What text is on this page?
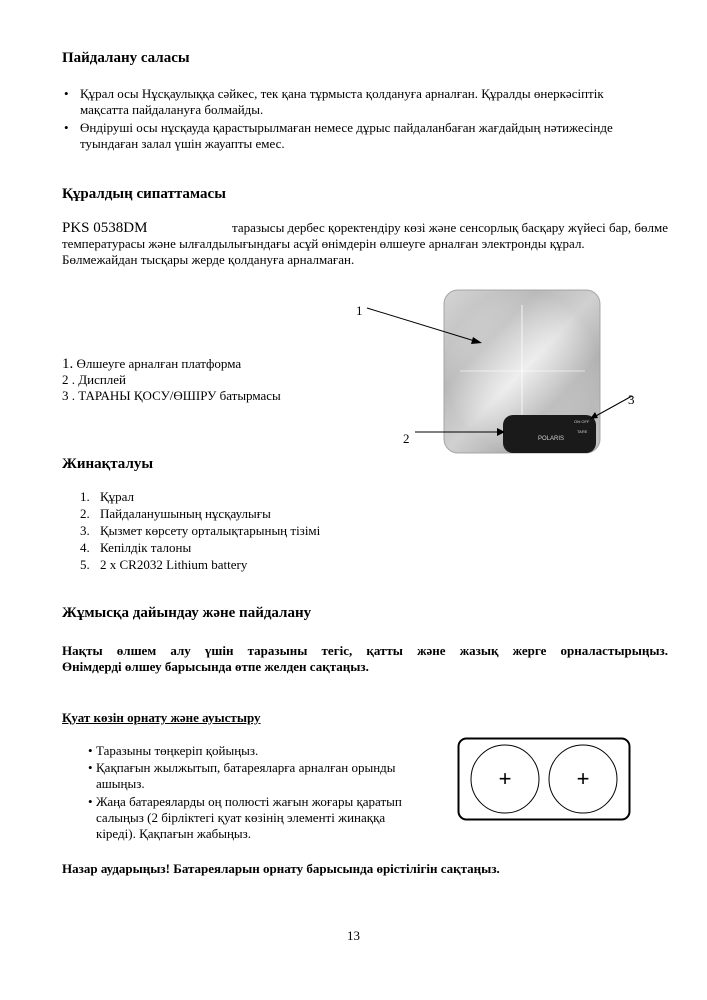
Пайдалану саласы
• Құрал осы Нұсқаулыққа сәйкес, тек қана тұрмыста қолдануға арналған. Құралды өнеркәсіптік
мақсатта пайдалануға болмайды.
• Өндіруші осы нұсқауда қарастырылмаған немесе дұрыс пайдаланбаған жағдайдың нәтижесінде
туындаған залал үшін жауапты емес.
Құралдың сипаттамасы
PKS 0538DM	таразысы дербес қоректендіру көзі және сенсорлық басқару жүйесі бар, бөлме
температурасы және ылғалдылығындағы асұй өнімдерін өлшеуге арналған электронды құрал.
Бөлмежайдан тысқары жерде қолдануға арналмаған.
1. Өлшеуге арналған платформа
2 . Дисплей
3 . ТАРАНЫ ҚОСУ/ӨШІРУ батырмасы
POLARIS
ON·OFF
TARE
1
2
3
Жинақталуы
1. Құрал
2. Пайдаланушының нұсқаулығы
3. Қызмет көрсету орталықтарының тізімі
4. Кепілдік талоны
5. 2 x CR2032 Lithium battery
Жұмысқа дайындау және пайдалану
Нақты өлшем алу үшін таразыны тегіс, қатты және жазық жерге орналастырыңыз.
Өнімдерді өлшеу барысында өтпе желден сақтаңыз.
Қуат көзін орнату және ауыстыру
• Таразыны төңкеріп қойыңыз.
• Қақпағын жылжытып, батареяларға арналған орынды
ашыңыз.
• Жаңа батареяларды оң полюсті жағын жоғары қаратып
салыңыз (2 бірліктегі қуат көзінің элементі жинаққа
кіреді). Қақпағын жабыңыз.
+	+
Назар аударыңыз! Батареяларын орнату барысында өрістілігін сақтаңыз.
13
